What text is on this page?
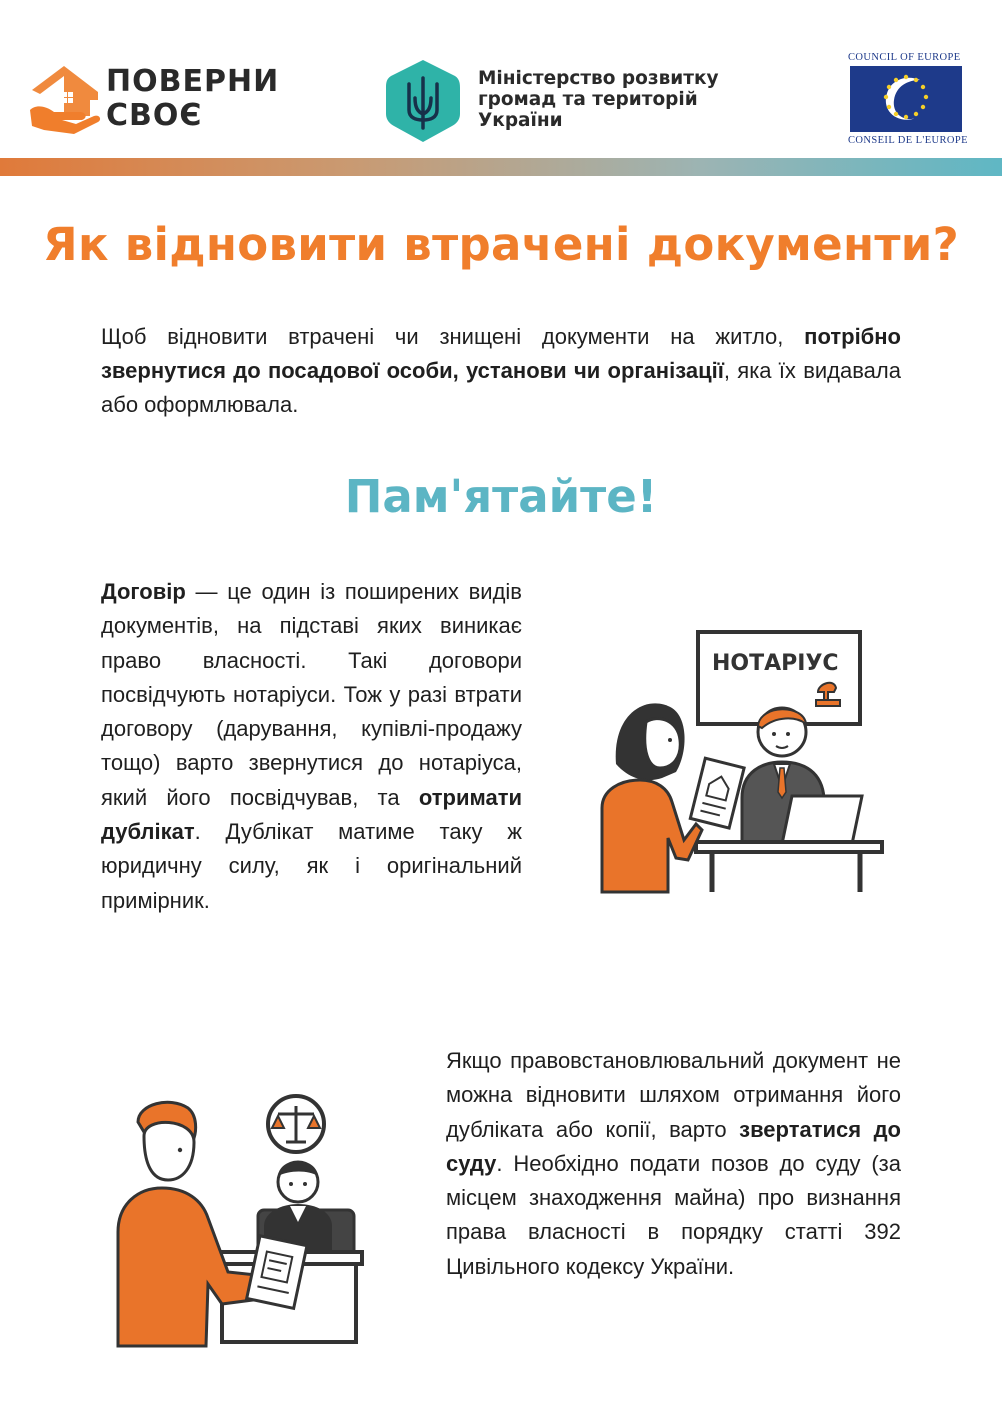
ПОВЕРНИ
СВОЄ
Міністерство розвитку
громад та територій
України
COUNCIL OF EUROPE
CONSEIL DE L'EUROPE
Як відновити втрачені документи?
Щоб відновити втрачені чи знищені документи на житло, потрібно звернутися до посадової особи, установи чи організації, яка їх видавала або оформлювала.
Пам'ятайте!
Договір — це один із поширених видів документів, на підставі яких виникає право власності. Такі договори посвідчують нотаріуси. Тож у разі втрати договору (дарування, купівлі-продажу тощо) варто звернутися до нотаріуса, який його посвідчував, та отримати дублікат. Дублікат матиме таку ж юридичну силу, як і оригінальний примірник.
НОТАРІУС
Якщо правовстановлювальний документ не можна відновити шляхом отримання його дубліката або копії, варто звертатися до суду. Необхідно подати позов до суду (за місцем знаходження майна) про визнання права власності в порядку статті 392 Цивільного кодексу України.
